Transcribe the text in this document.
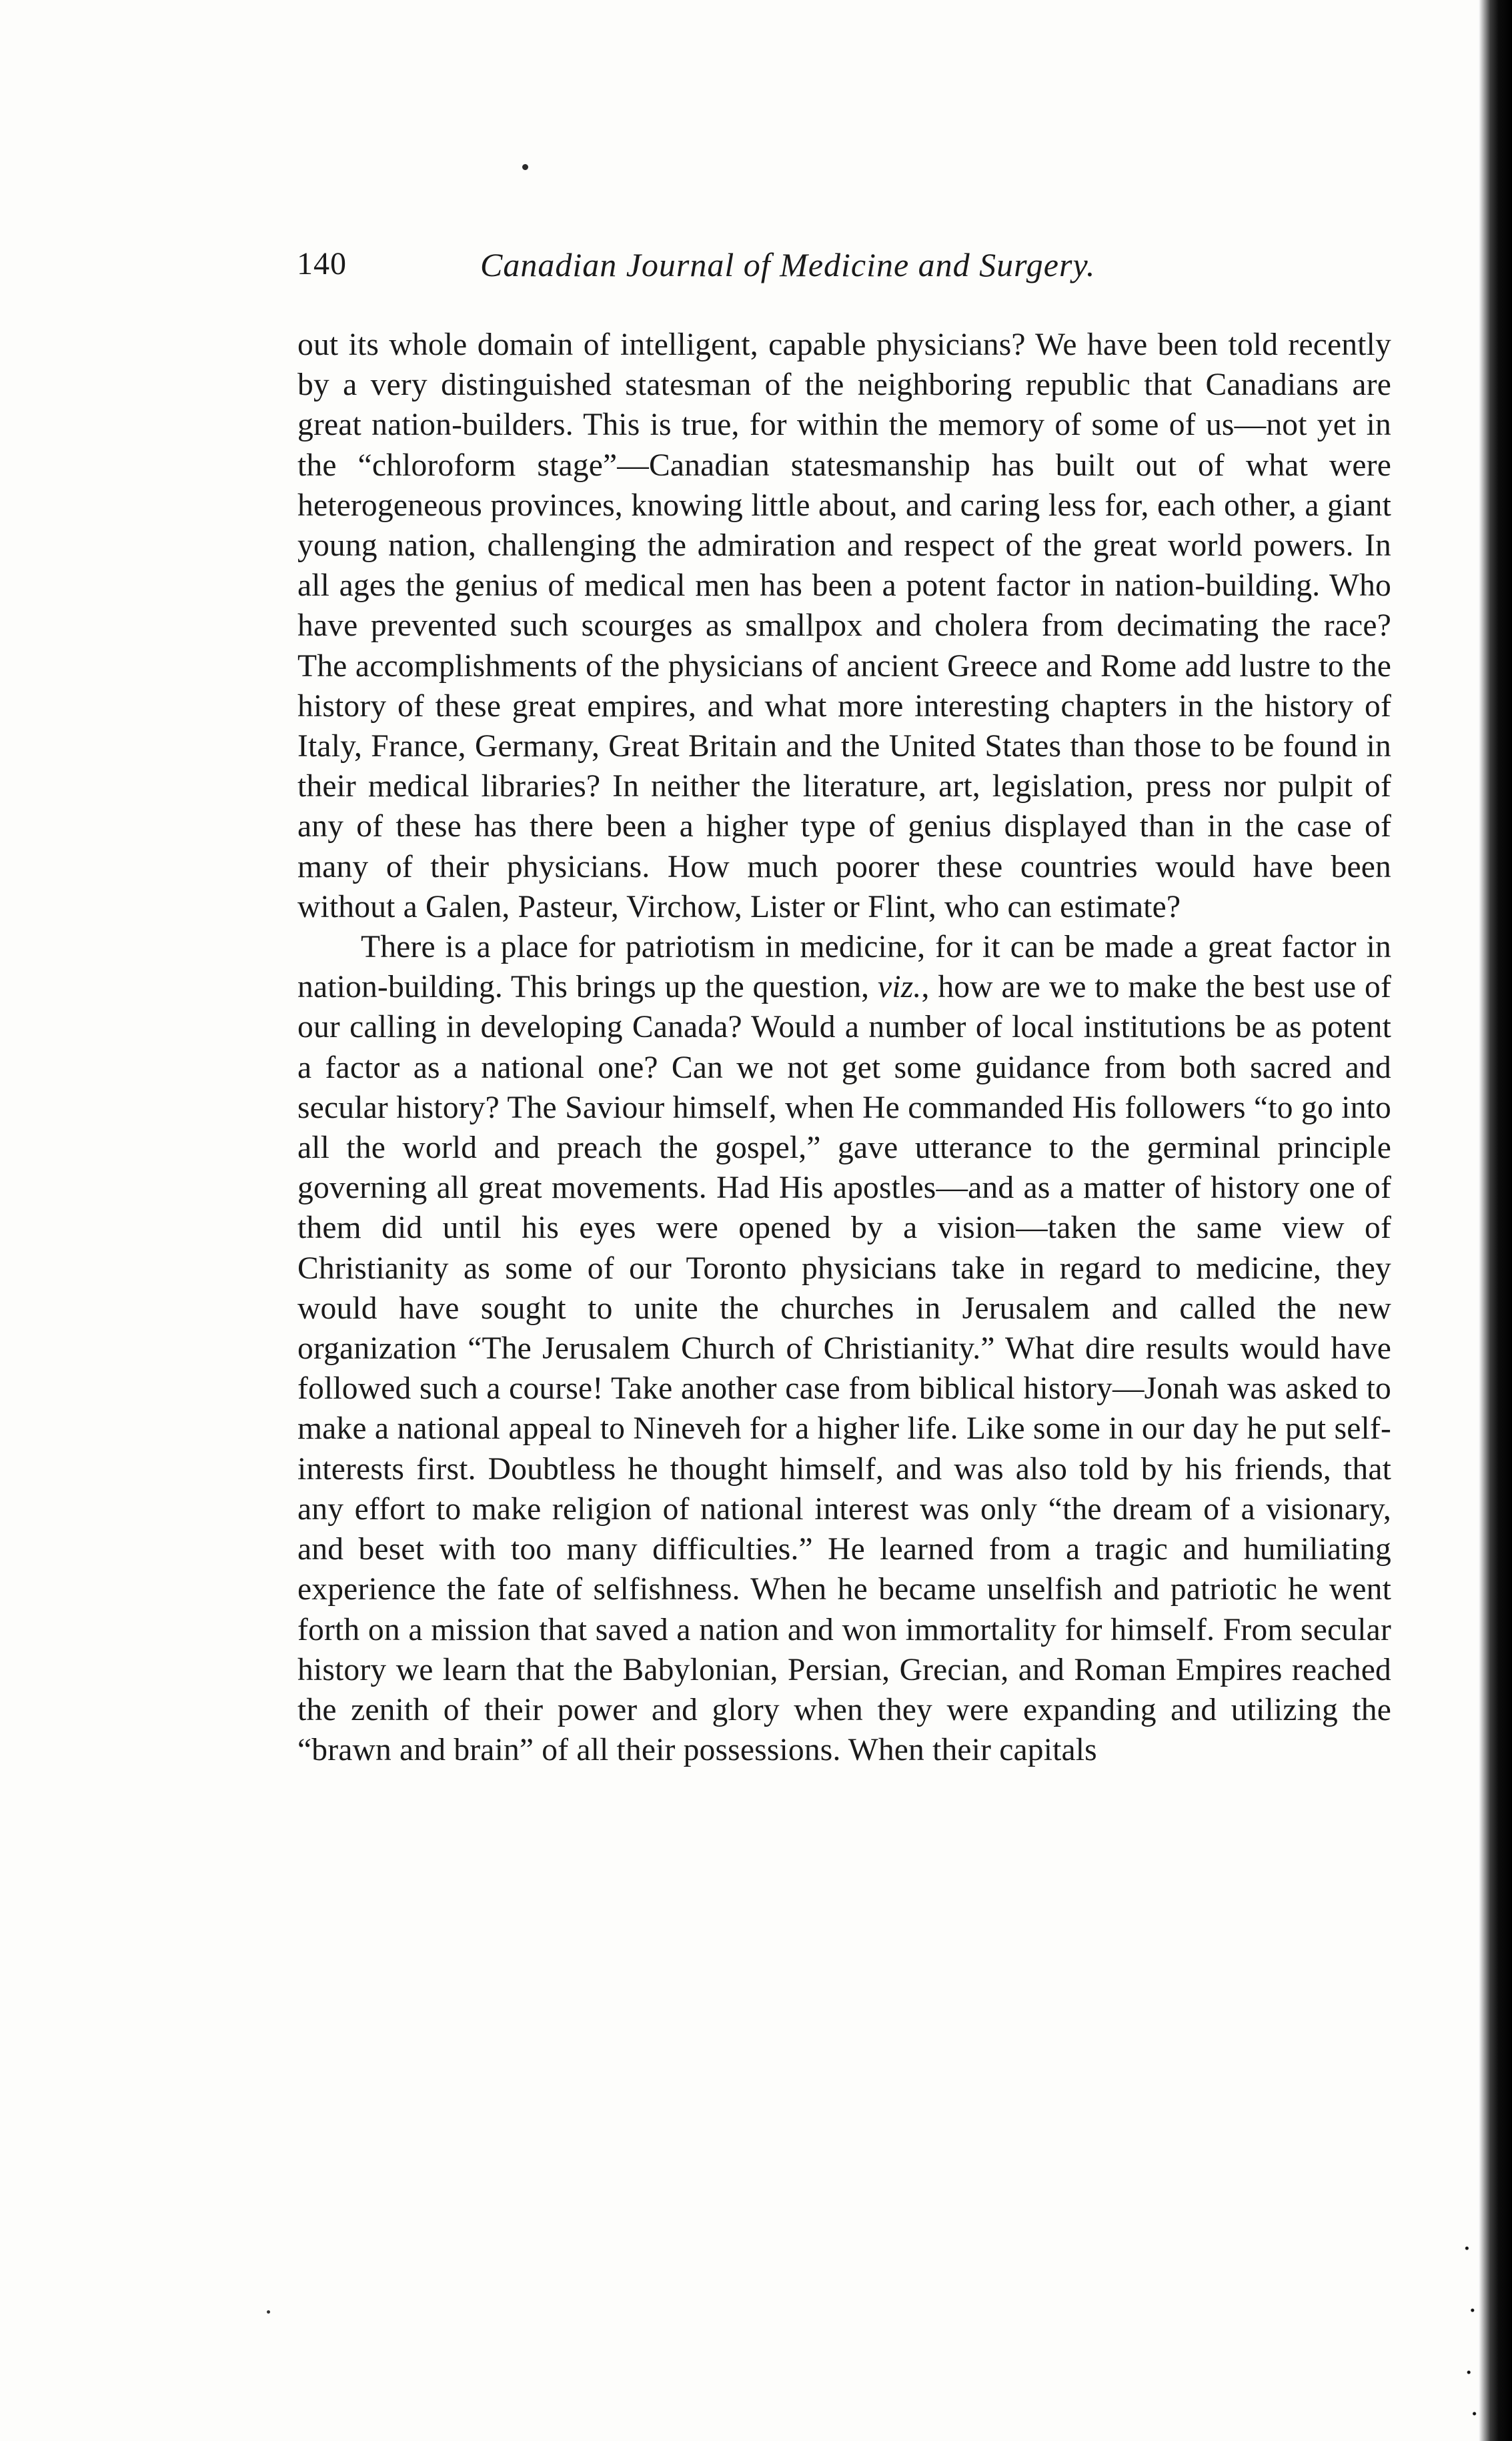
140	Canadian Journal of Medicine and Surgery.

out its whole domain of intelligent, capable physicians? We have been told recently by a very distinguished statesman of the neighboring republic that Canadians are great nation-builders. This is true, for within the memory of some of us—not yet in the “chloroform stage”—Canadian statesmanship has built out of what were heterogeneous provinces, knowing little about, and caring less for, each other, a giant young nation, challenging the admiration and respect of the great world powers. In all ages the genius of medical men has been a potent factor in nation-building. Who have prevented such scourges as smallpox and cholera from decimating the race? The accomplishments of the physicians of ancient Greece and Rome add lustre to the history of these great empires, and what more interesting chapters in the history of Italy, France, Germany, Great Britain and the United States than those to be found in their medical libraries? In neither the literature, art, legislation, press nor pulpit of any of these has there been a higher type of genius displayed than in the case of many of their physicians. How much poorer these countries would have been without a Galen, Pasteur, Virchow, Lister or Flint, who can estimate?

There is a place for patriotism in medicine, for it can be made a great factor in nation-building. This brings up the question, viz., how are we to make the best use of our calling in developing Canada? Would a number of local institutions be as potent a factor as a national one? Can we not get some guidance from both sacred and secular history? The Saviour himself, when He commanded His followers “to go into all the world and preach the gospel,” gave utterance to the germinal principle governing all great movements. Had His apostles—and as a matter of history one of them did until his eyes were opened by a vision—taken the same view of Christianity as some of our Toronto physicians take in regard to medicine, they would have sought to unite the churches in Jerusalem and called the new organization “The Jerusalem Church of Christianity.” What dire results would have followed such a course! Take another case from biblical history—Jonah was asked to make a national appeal to Nineveh for a higher life. Like some in our day he put self-interests first. Doubtless he thought himself, and was also told by his friends, that any effort to make religion of national interest was only “the dream of a visionary, and beset with too many difficulties.” He learned from a tragic and humiliating experience the fate of selfishness. When he became unselfish and patriotic he went forth on a mission that saved a nation and won immortality for himself. From secular history we learn that the Babylonian, Persian, Grecian, and Roman Empires reached the zenith of their power and glory when they were expanding and utilizing the “brawn and brain” of all their possessions. When their capitals
